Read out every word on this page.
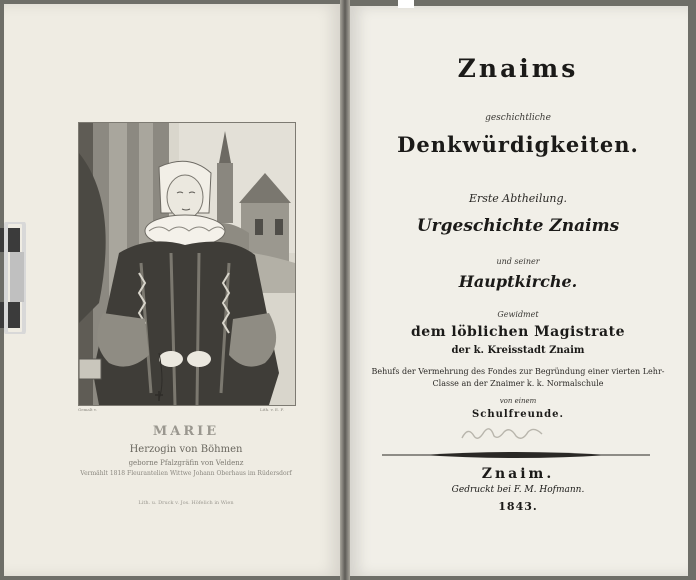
Gemalt v.	Lith. v. E. F.
MARIE
Herzogin von Böhmen
geborne Pfalzgräfin von Veldenz
Vermählt 1818 Fleurantelien Wittwe Johann Oberhaus im Rüdersdorf
Lith. u. Druck v. Jos. Höfelich in Wien
Znaims
geschichtliche
Denkwürdigkeiten.
Erste Abtheilung.
Urgeschichte Znaims
und seiner
Hauptkirche.
Gewidmet
dem löblichen Magistrate
der k. Kreisstadt Znaim
Behufs der Vermehrung des Fondes zur Begründung einer vierten Lehr-Classe an der Znaimer k. k. Normalschule
von einem
Schulfreunde.
Znaim.
Gedruckt bei F. M. Hofmann.
1843.
